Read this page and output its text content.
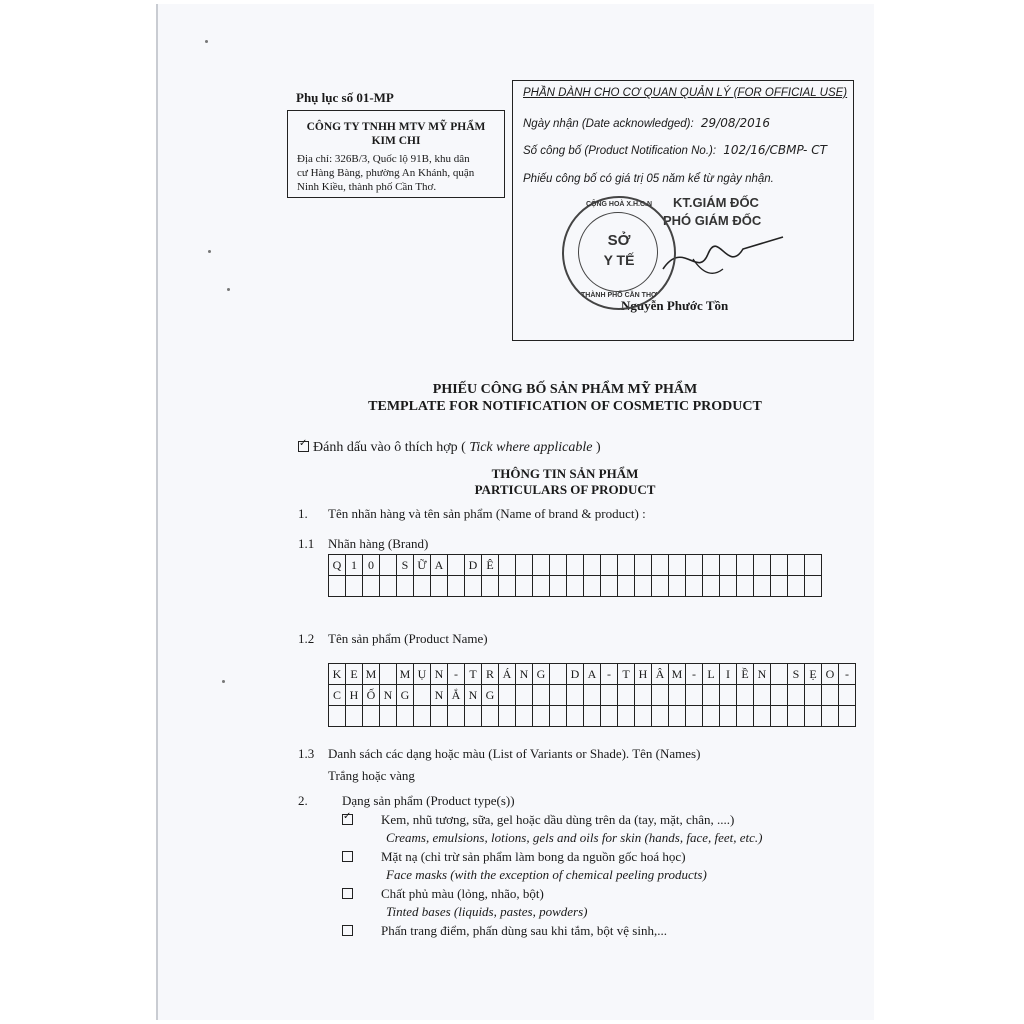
Phụ lục số 01-MP
CÔNG TY TNHH MTV MỸ PHẨM
KIM CHI
Địa chỉ: 326B/3, Quốc lộ 91B, khu dân
cư Hàng Bàng, phường An Khánh, quận
Ninh Kiều, thành phố Cần Thơ.
PHẦN DÀNH CHO CƠ QUAN QUẢN LÝ (FOR OFFICIAL USE)
Ngày nhận (Date acknowledged): 29/08/2016
Số công bố (Product Notification No.): 102/16/CBMP- CT
Phiếu công bố có giá trị 05 năm kể từ ngày nhận.
KT.GIÁM ĐỐC
PHÓ GIÁM ĐỐC
Nguyễn Phước Tồn
CỘNG HOÀ X.H.C.N
SỞ
Y TẾ
THÀNH PHỐ CẦN THƠ
PHIẾU CÔNG BỐ SẢN PHẨM MỸ PHẨM
TEMPLATE FOR NOTIFICATION OF COSMETIC PRODUCT
✓Đánh dấu vào ô thích hợp ( Tick where applicable )
THÔNG TIN SẢN PHẨM
PARTICULARS OF PRODUCT
1. Tên nhãn hàng và tên sản phẩm (Name of brand & product) :
1.1 Nhãn hàng (Brand)
Q	1	0		S	Ữ	A		D	Ê																			

1.2 Tên sản phẩm (Product Name)
K	E	M		M	Ụ	N	-	T	R	Á	N	G		D	A	-	T	H	Â	M	-	L	I	Ề	N		S	Ẹ	O	-
C	H	Ố	N	G		N	Ắ	N	G																					

1.3 Danh sách các dạng hoặc màu (List of Variants or Shade). Tên (Names)
Trắng hoặc vàng
2.	Dạng sản phẩm (Product type(s))
✓Kem, nhũ tương, sữa, gel hoặc dầu dùng trên da (tay, mặt, chân, ....)
Creams, emulsions, lotions, gels and oils for skin (hands, face, feet, etc.)
Mặt nạ (chỉ trừ sản phẩm làm bong da nguồn gốc hoá học)
Face masks (with the exception of chemical peeling products)
Chất phủ màu (lỏng, nhão, bột)
Tinted bases (liquids, pastes, powders)
Phấn trang điểm, phấn dùng sau khi tắm, bột vệ sinh,...
